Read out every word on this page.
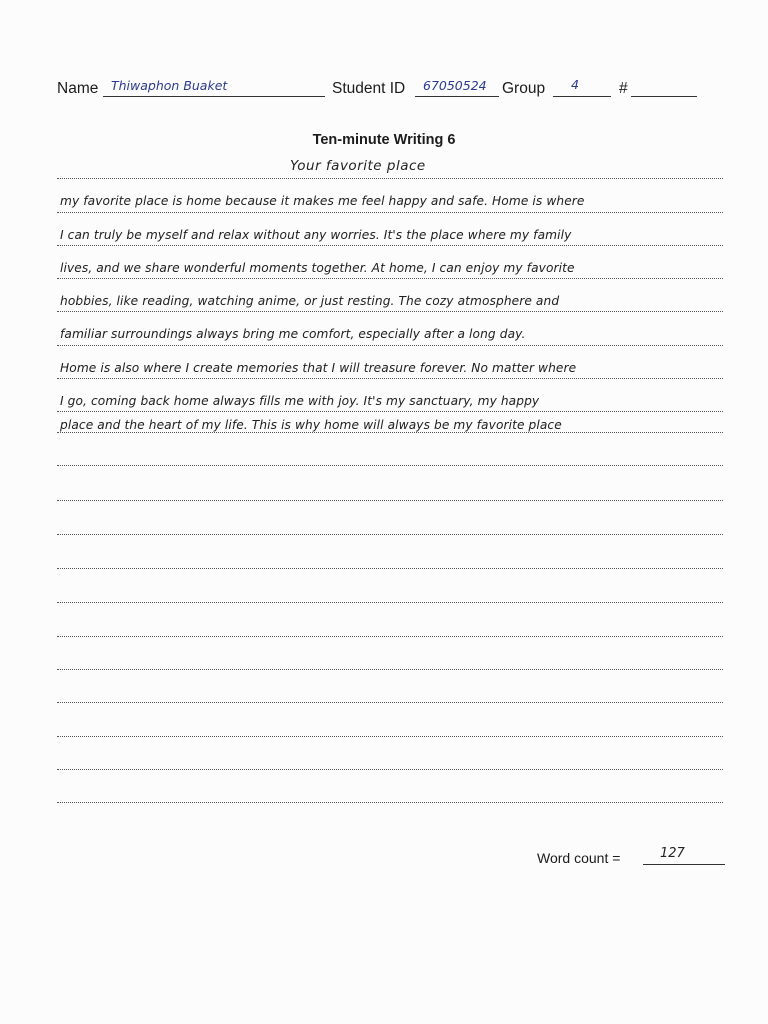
Name Thiwaphon Buaket	Student ID 67050524 Group 4	#
Ten-minute Writing 6
Your favorite place
my favorite place is home because it makes me feel happy and safe. Home is where
I can truly be myself and relax without any worries. It's the place where my family
lives, and we share wonderful moments together. At home, I can enjoy my favorite
hobbies, like reading, watching anime, or just resting. The cozy atmosphere and
familiar surroundings always bring me comfort, especially after a long day.
Home is also where I create memories that I will treasure forever. No matter where
I go, coming back home always fills me with joy. It's my sanctuary, my happy
place and the heart of my life. This is why home will always be my favorite place
Word count =	127
